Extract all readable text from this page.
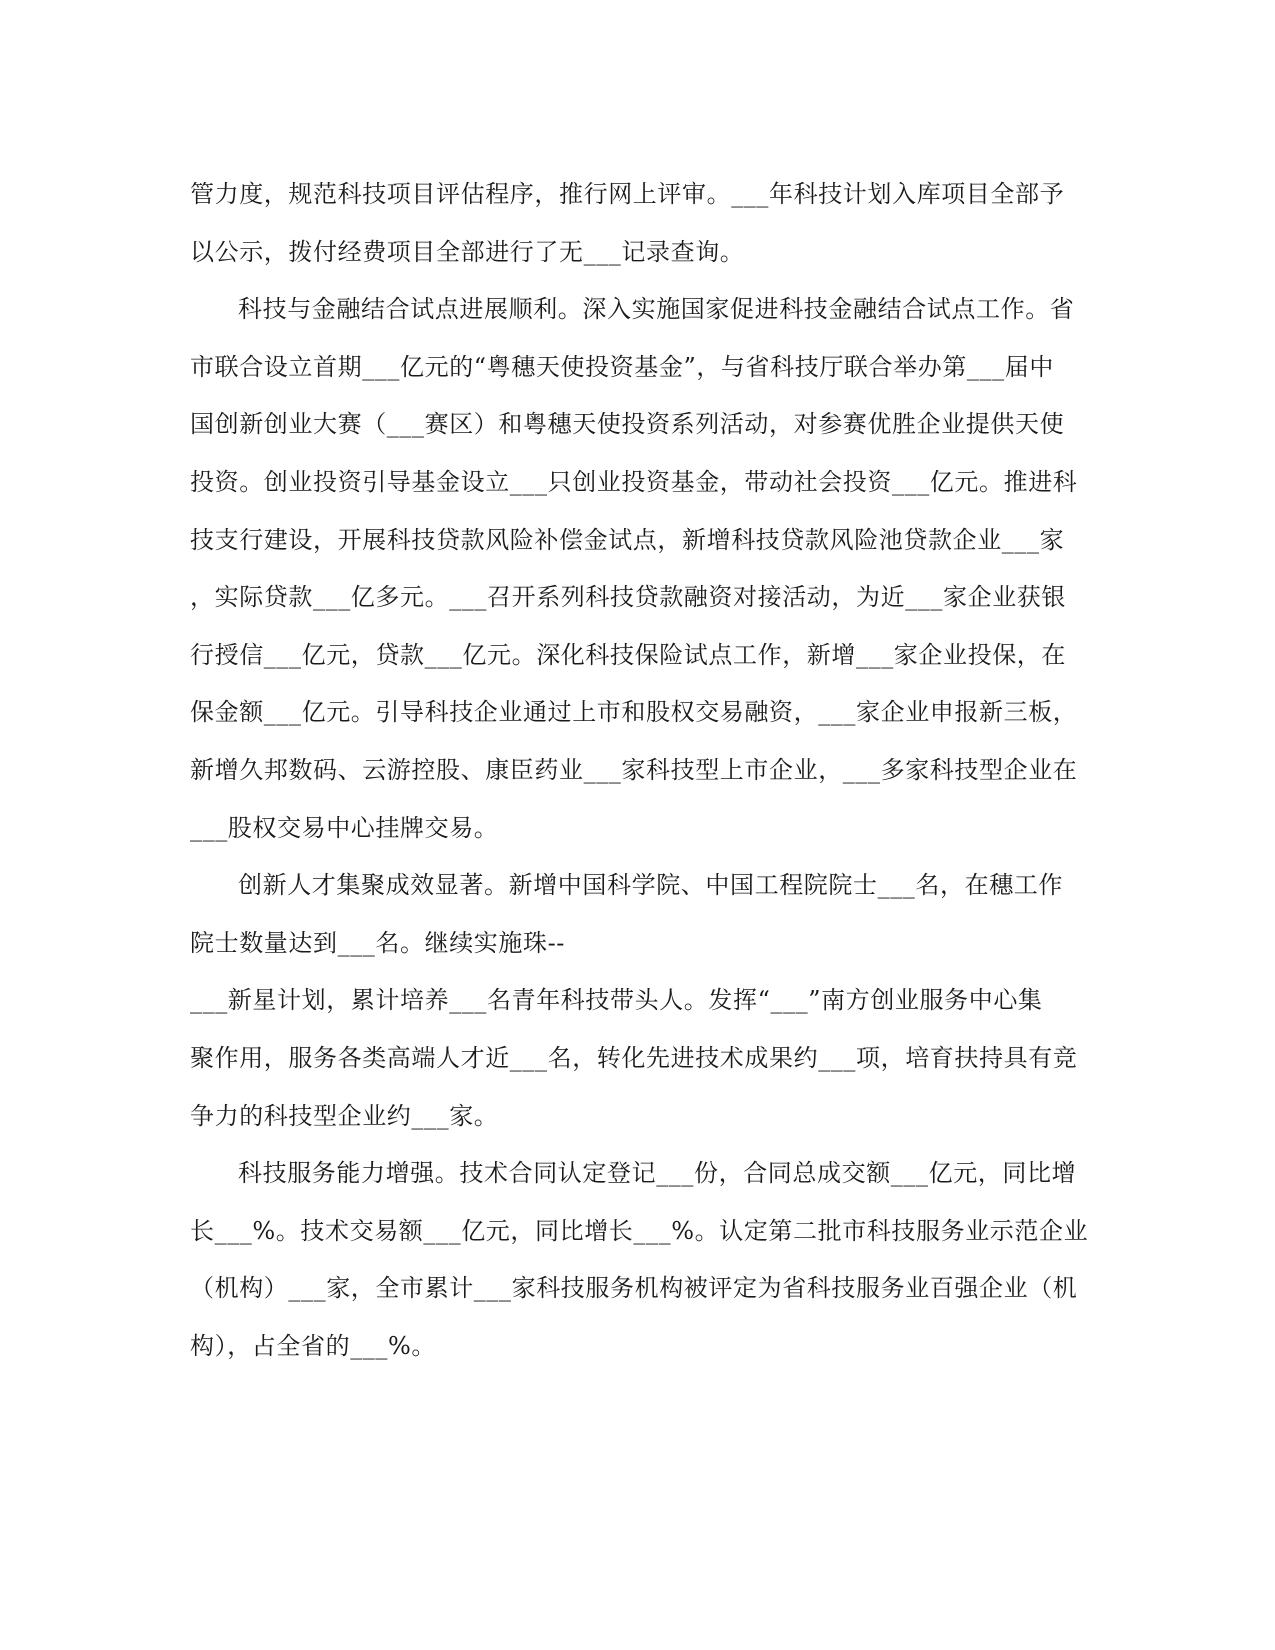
管力度，规范科技项目评估程序，推行网上评审。___年科技计划入库项目全部予
以公示，拨付经费项目全部进行了无___记录查询。
科技与金融结合试点进展顺利。深入实施国家促进科技金融结合试点工作。省
市联合设立首期___亿元的“粤穗天使投资基金”，与省科技厅联合举办第___届中
国创新创业大赛（___赛区）和粤穗天使投资系列活动，对参赛优胜企业提供天使
投资。创业投资引导基金设立___只创业投资基金，带动社会投资___亿元。推进科
技支行建设，开展科技贷款风险补偿金试点，新增科技贷款风险池贷款企业___家
，实际贷款___亿多元。___召开系列科技贷款融资对接活动，为近___家企业获银
行授信___亿元，贷款___亿元。深化科技保险试点工作，新增___家企业投保，在
保金额___亿元。引导科技企业通过上市和股权交易融资，___家企业申报新三板，
新增久邦数码、云游控股、康臣药业___家科技型上市企业，___多家科技型企业在
___股权交易中心挂牌交易。
创新人才集聚成效显著。新增中国科学院、中国工程院院士___名，在穗工作
院士数量达到___名。继续实施珠--
___新星计划，累计培养___名青年科技带头人。发挥“___”南方创业服务中心集
聚作用，服务各类高端人才近___名，转化先进技术成果约___项，培育扶持具有竞
争力的科技型企业约___家。
科技服务能力增强。技术合同认定登记___份，合同总成交额___亿元，同比增
长___%。技术交易额___亿元，同比增长___%。认定第二批市科技服务业示范企业
（机构）___家，全市累计___家科技服务机构被评定为省科技服务业百强企业（机
构），占全省的___%。
